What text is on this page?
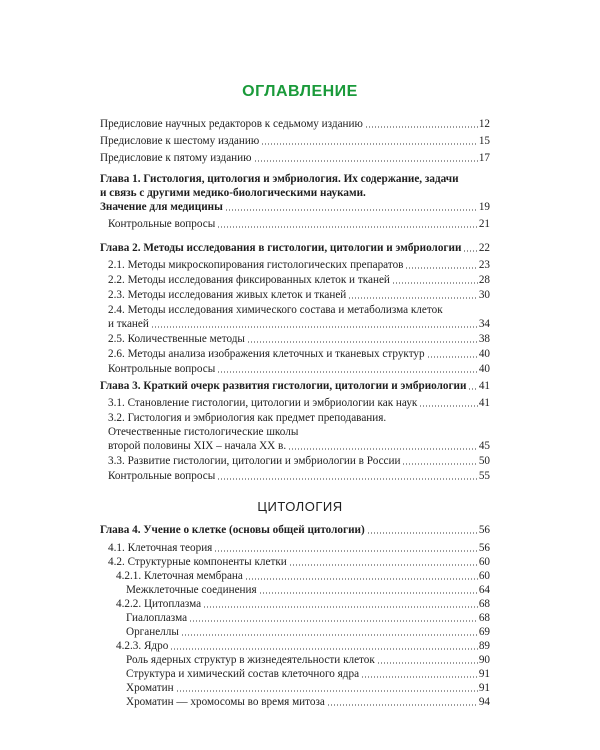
ОГЛАВЛЕНИЕ
Предисловие научных редакторов к седьмому изданию	12
Предисловие к шестому изданию	15
Предисловие к пятому изданию	17
Глава 1. Гистология, цитология и эмбриология. Их содержание, задачи
и связь с другими медико-биологическими науками.
Значение для медицины	19
Контрольные вопросы	21
Глава 2. Методы исследования в гистологии, цитологии и эмбриологии 22
2.1. Методы микроскопирования гистологических препаратов	23
2.2. Методы исследования фиксированных клеток и тканей	28
2.3. Методы исследования живых клеток и тканей	30
2.4. Методы исследования химического состава и метаболизма клеток
и тканей	34
2.5. Количественные методы	38
2.6. Методы анализа изображения клеточных и тканевых структур	40
Контрольные вопросы	40
Глава 3. Краткий очерк развития гистологии, цитологии и эмбриологии 41
3.1. Становление гистологии, цитологии и эмбриологии как наук	41
3.2. Гистология и эмбриология как предмет преподавания.
Отечественные гистологические школы
второй половины XIX – начала XX в.	45
3.3. Развитие гистологии, цитологии и эмбриологии в России	50
Контрольные вопросы	55
ЦИТОЛОГИЯ
Глава 4. Учение о клетке (основы общей цитологии)	56
4.1. Клеточная теория	56
4.2. Структурные компоненты клетки	60
4.2.1. Клеточная мембрана	60
Межклеточные соединения	64
4.2.2. Цитоплазма	68
Гиалоплазма	68
Органеллы	69
4.2.3. Ядро	89
Роль ядерных структур в жизнедеятельности клеток	90
Структура и химический состав клеточного ядра	91
Хроматин	91
Хроматин — хромосомы во время митоза	94
